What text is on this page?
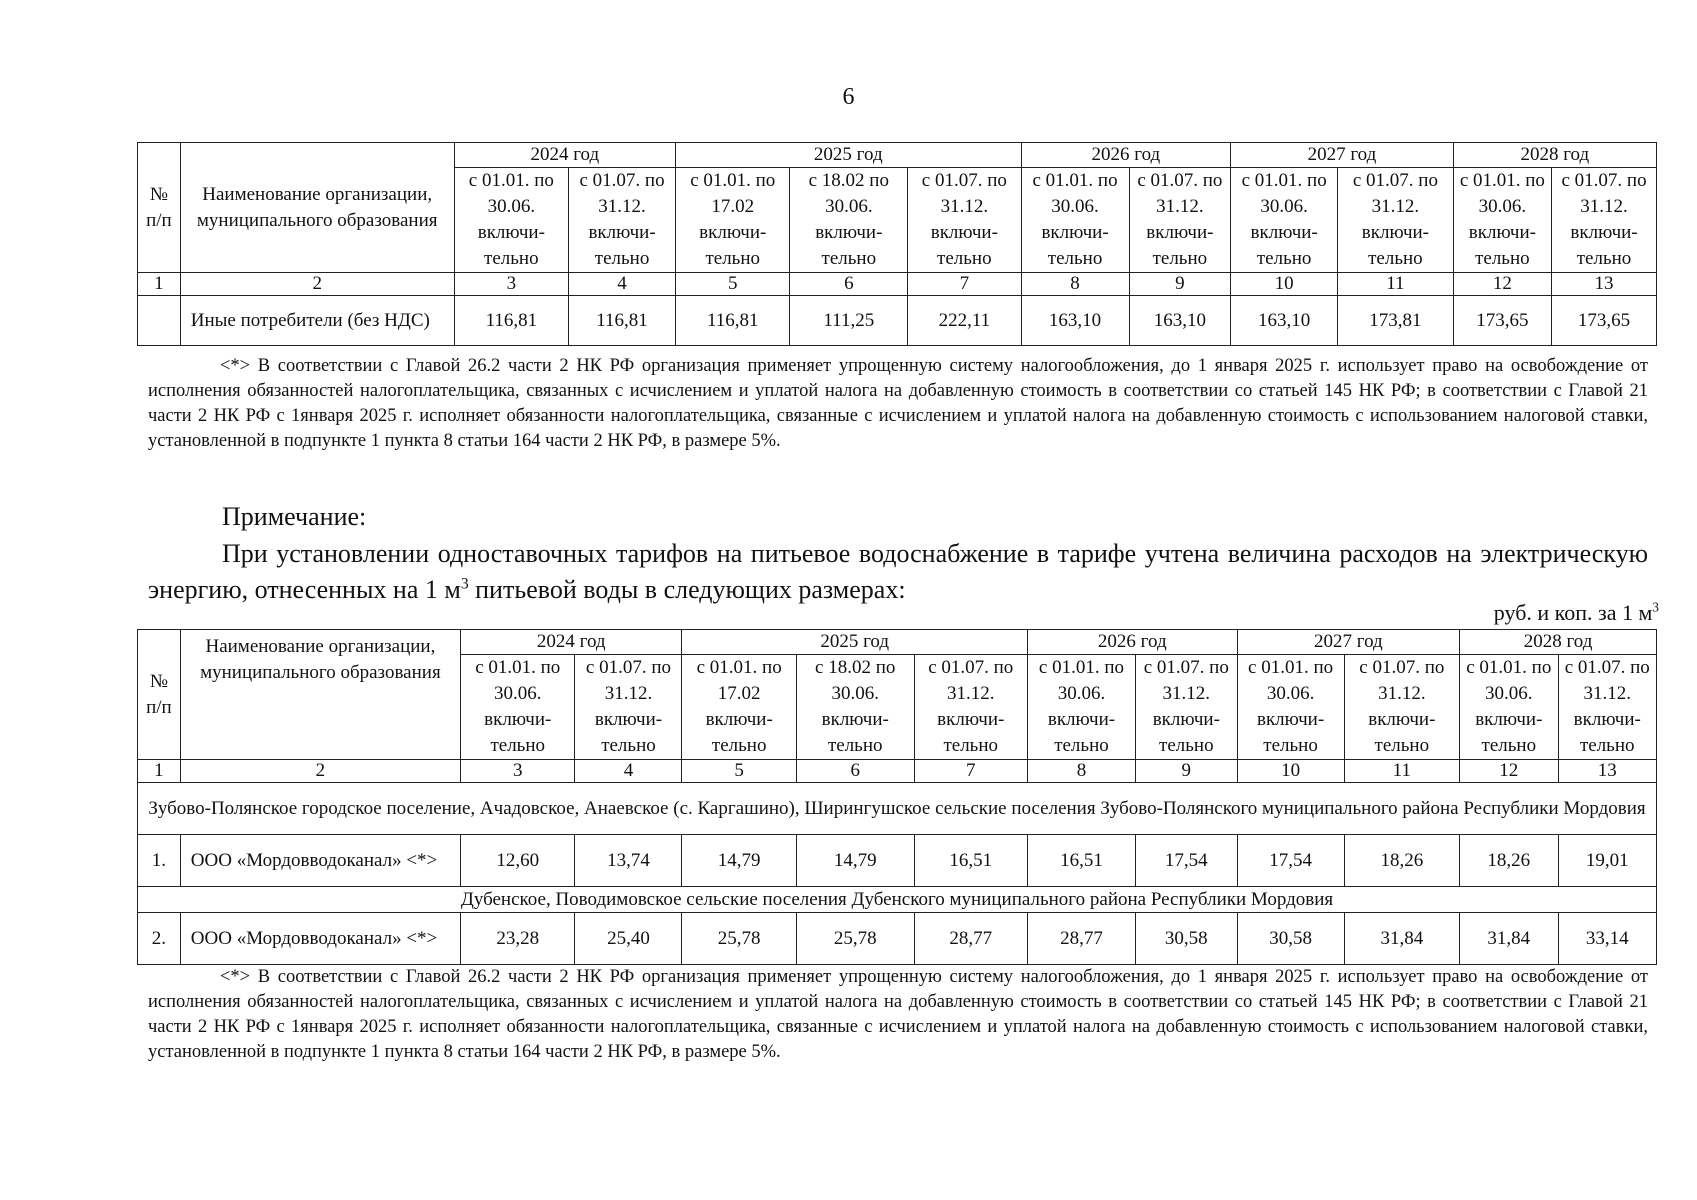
6
№ п/п	Наименование организации, муниципального образования	2024 год		2025 год			2026 год		2027 год		2028 год	
		с 01.01. по 30.06. включи-тельно	с 01.07. по 31.12. включи-тельно	с 01.01. по 17.02 включи-тельно	с 18.02 по 30.06. включи-тельно	с 01.07. по 31.12. включи-тельно	с 01.01. по 30.06. включи-тельно	с 01.07. по 31.12. включи-тельно	с 01.01. по 30.06. включи-тельно	с 01.07. по 31.12. включи-тельно	с 01.01. по 30.06. включи-тельно	с 01.07. по 31.12. включи-тельно
1	2	3	4	5	6	7	8	9	10	11	12	13
	Иные потребители (без НДС)	116,81	116,81	116,81	111,25	222,11	163,10	163,10	163,10	173,81	173,65	173,65
<*> В соответствии с Главой 26.2 части 2 НК РФ организация применяет упрощенную систему налогообложения, до 1 января 2025 г. использует право на освобождение от исполнения обязанностей налогоплательщика, связанных с исчислением и уплатой налога на добавленную стоимость в соответствии со статьей 145 НК РФ; в соответствии с Главой 21 части 2 НК РФ с 1января 2025 г. исполняет обязанности налогоплательщика, связанные с исчислением и уплатой налога на добавленную стоимость с использованием налоговой ставки, установленной в подпункте 1 пункта 8 статьи 164 части 2 НК РФ, в размере 5%.
Примечание:
При установлении одноставочных тарифов на питьевое водоснабжение в тарифе учтена величина расходов на электрическую энергию, отнесенных на 1 $м^3$ питьевой воды в следующих размерах:
руб. и коп. за 1 $м^3$
№ п/п	Наименование организации, муниципального образования	2024 год		2025 год			2026 год		2027 год		2028 год	
		с 01.01. по 30.06. включи-тельно	с 01.07. по 31.12. включи-тельно	с 01.01. по 17.02 включи-тельно	с 18.02 по 30.06. включи-тельно	с 01.07. по 31.12. включи-тельно	с 01.01. по 30.06. включи-тельно	с 01.07. по 31.12. включи-тельно	с 01.01. по 30.06. включи-тельно	с 01.07. по 31.12. включи-тельно	с 01.01. по 30.06. включи-тельно	с 01.07. по 31.12. включи-тельно
1	2	3	4	5	6	7	8	9	10	11	12	13
Зубово-Полянское городское поселение, Ачадовское, Анаевское (с. Каргашино), Ширингушское сельские поселения Зубово-Полянского муниципального района Республики Мордовия												
1.	ООО «Мордовводоканал» <*>	12,60	13,74	14,79	14,79	16,51	16,51	17,54	17,54	18,26	18,26	19,01
Дубенское, Поводимовское сельские поселения Дубенского муниципального района Республики Мордовия												
2.	ООО «Мордовводоканал» <*>	23,28	25,40	25,78	25,78	28,77	28,77	30,58	30,58	31,84	31,84	33,14
<*> В соответствии с Главой 26.2 части 2 НК РФ организация применяет упрощенную систему налогообложения, до 1 января 2025 г. использует право на освобождение от исполнения обязанностей налогоплательщика, связанных с исчислением и уплатой налога на добавленную стоимость в соответствии со статьей 145 НК РФ; в соответствии с Главой 21 части 2 НК РФ с 1января 2025 г. исполняет обязанности налогоплательщика, связанные с исчислением и уплатой налога на добавленную стоимость с использованием налоговой ставки, установленной в подпункте 1 пункта 8 статьи 164 части 2 НК РФ, в размере 5%.
